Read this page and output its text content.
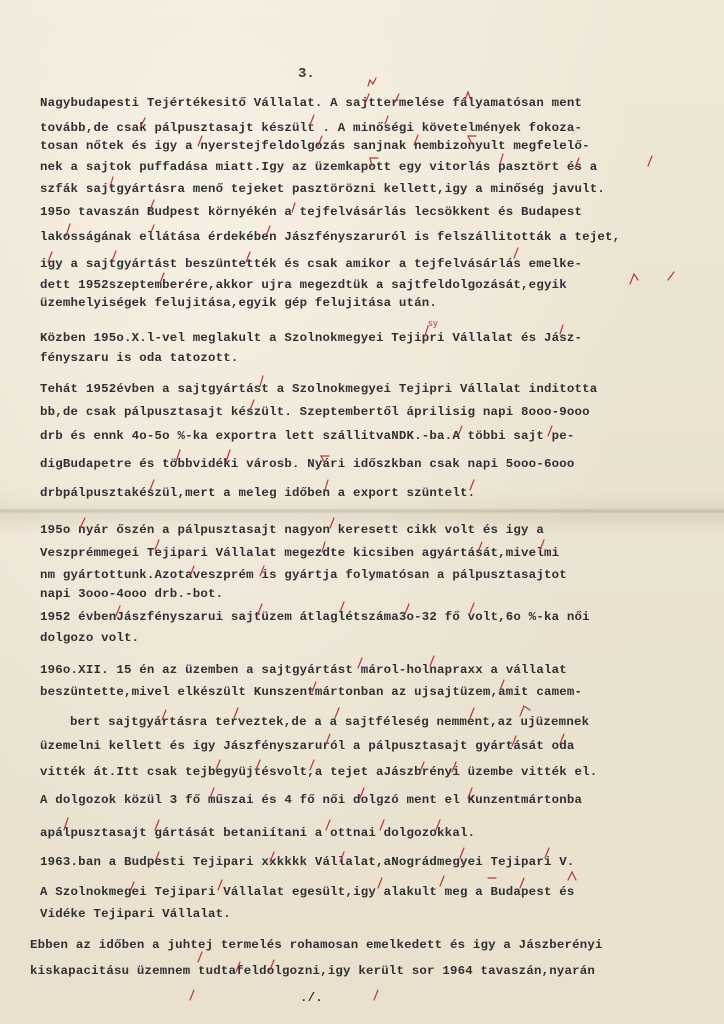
3.
Nagybudapesti Tejértékesitő Vállalat. A sajttermelése fályamatósan ment
tovább,de csak pálpusztasajt készült . A minőségi követelmények fokoza-
tosan nőtek és igy a nyerstejfeldolgozás sanjnak nembizonyult megfelelő-
nek a sajtok puffadása miatt.Igy az üzemkapott egy vitorlás pasztört és a
szfák sajtgyártásra menő tejeket pasztörözni kellett,igy a minőség javult.
195o tavaszán Budpest környékén a tejfelvásárlás lecsökkent és Budapest
lakosságának ellátása érdekében Jászfényszaruról is felszállitották a tejet,
igy a sajtgyártást beszüntették és csak amikor a tejfelvásárlás emelke-
dett 1952szeptemberére,akkor ujra megezdtük a sajtfeldolgozását,egyik
üzemhelyiségek felujitása,egyik gép felujitása után.
Közben 195o.X.l-vel meglakult a Szolnokmegyei Tejipri Vállalat és Jász-
fényszaru is oda tatozott.
Tehát 1952évben a sajtgyártást a Szolnokmegyei Tejipri Vállalat inditotta
bb,de csak pálpusztasajt készült. Szeptembertől áprilisig napi 8ooo-9ooo
drb és ennk 4o-5o %-ka exportra lett szállitvaNDK.-ba.A többi sajt pe-
digBudapetre és többvidéki városb. Nyári időszkban csak napi 5ooo-6ooo
drbpálpusztakészül,mert a meleg időben a export szüntelt.
195o nyár őszén a pálpusztasajt nagyon keresett cikk volt és igy a
Veszprémmegei Tejipari Vállalat megezdte kicsiben agyártását,mivelmi
nm gyártottunk.Azotaveszprém is gyártja folymatósan a pálpusztasajtot
napi 3ooo-4ooo drb.-bot.
1952 évbenJászfényszarui sajtüzem átlaglétszáma3o-32 fő volt,6o %-ka női
dolgozo volt.
196o.XII. 15 én az üzemben a sajtgyártást márol-holnapraxx a vállalat
beszüntette,mivel elkészült Kunszentmártonban az ujsajtüzem,amit camem-
bert sajtgyártásra terveztek,de a a sajtféleség nemment,az ujüzemnek
üzemelni kellett és igy Jászfényszaruról a pálpusztasajt gyártását oda
vitték át.Itt csak tejbegyüjtésvolt,a tejet aJászbrényi üzembe vitték el.
A dolgozok közül 3 fő műszai és 4 fő női dolgzó ment el Kunzentmártonba
apálpusztasajt gártását betaniítani a ottnai dolgozokkal.
1963.ban a Budpesti Tejipari xxkkkk Vállalat,aNográdmegyei Tejipari V.
A Szolnokmegei Tejipari Vállalat egesült,igy alakult meg a Budapest és
Vidéke Tejipari Vállalat.
Ebben az időben a juhtej termelés rohamosan emelkedett és igy a Jászberényi
kiskapacitásu üzemnem tudtafeldolgozni,igy került sor 1964 tavaszán,nyarán
./.
sy
